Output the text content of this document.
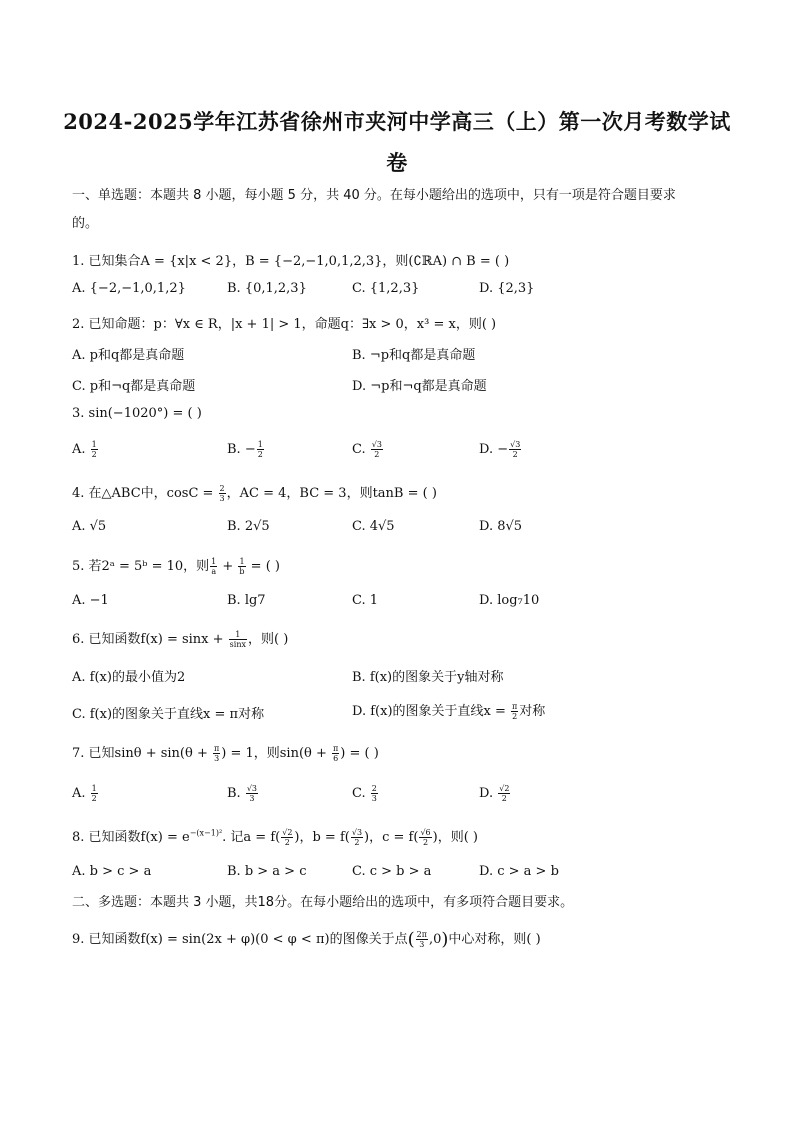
2024-2025学年江苏省徐州市夹河中学高三（上）第一次月考数学试
卷
一、单选题：本题共 8 小题，每小题 5 分，共 40 分。在每小题给出的选项中，只有一项是符合题目要求
的。
1. 已知集合A = {x|x < 2}，B = {−2,−1,0,1,2,3}，则(∁ℝA) ∩ B = ( )
A. {−2,−1,0,1,2}	B. {0,1,2,3}	C. {1,2,3}	D. {2,3}
2. 已知命题：p：∀x ∈ R，|x + 1| > 1，命题q：∃x > 0，x³ = x，则( )
A. p和q都是真命题	B. ¬p和q都是真命题
C. p和¬q都是真命题	D. ¬p和¬q都是真命题
3. sin(−1020°) = ( )
A. $\frac{1}{2}$	B. − $\frac{1}{2}$	C. $\frac{√3}{2}$	D. − $\frac{√3}{2}$
4. 在△ABC中，$\cos C = \frac{2}{3}$ ，AC = 4，BC = 3，则tanB = ( )
A. √5	B. 2√5	C. 4√5	D. 8√5
5. 若2ᵃ = 5ᵇ = 10，则 $\frac{1}{a} + \frac{1}{b}$ = ( )
A. −1	B. lg7	C. 1	D. log₇10
6. 已知函数$f(x) = \sin x + \frac{1}{\sin x}$ ，则( )
A. f(x)的最小值为2	B. f(x)的图象关于y轴对称
C. f(x)的图象关于直线x = π对称	D. f(x)的图象关于直线$x = \frac{\pi}{2}$ 对称
7. 已知$\sin\theta + \sin(\theta + \frac{\pi}{3}$ ) = 1，则$\sin(\theta + \frac{\pi}{6}$ ) = ( )
A. $\frac{1}{2}$	B. $\frac{√3}{3}$	C. $\frac{2}{3}$	D. $\frac{√2}{2}$
8. 已知函数$f(x) = e^{-(x-1)^2}$. 记$a = f( \frac{√2}{2}$ )，$b = f( \frac{√3}{2}$ )，$c = f( \frac{√6}{2}$ )，则( )
A. b > c > a	B. b > a > c	C. c > b > a	D. c > a > b
二、多选题：本题共 3 小题，共18分。在每小题给出的选项中，有多项符合题目要求。
9. 已知函数f(x) = sin(2x + φ)(0 < φ < π)的图像关于点( $\frac{2\pi}{3} ,0$)中心对称，则( )
